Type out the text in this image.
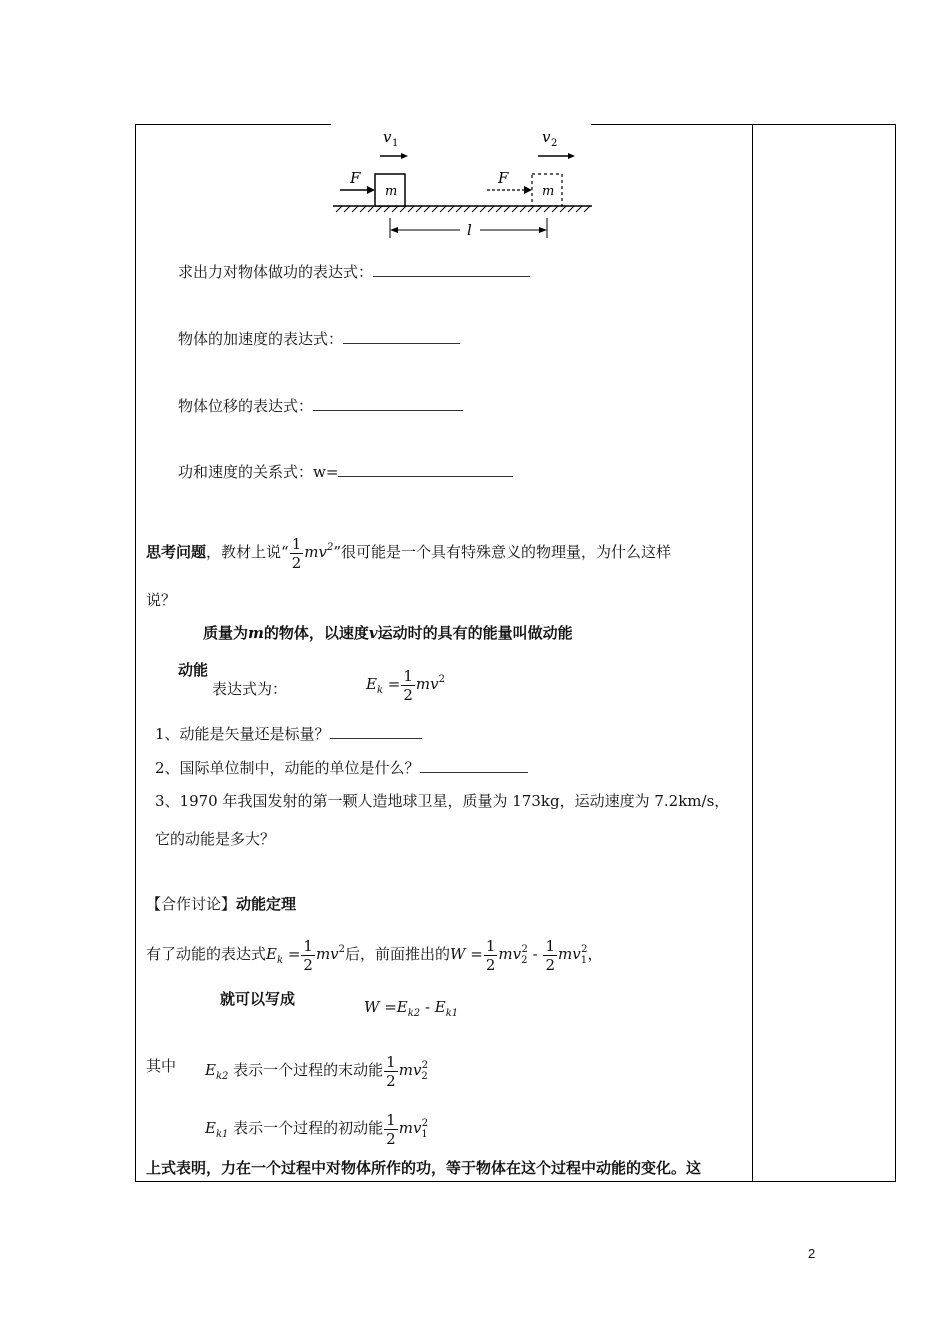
m
F
v 1
m
F
v 2
l
求出力对物体做功的表达式：
物体的加速度的表达式：
物体位移的表达式：
功和速度的关系式：w=
思考问题，教材上说“ $\frac{1}{2} mv^2$”很可能是一个具有特殊意义的物理量，为什么这样
说？
质量为m的物体，以速度v运动时的具有的能量叫做动能
动能
表达式为：	$E_k = \frac{1}{2} mv^2$
1、动能是矢量还是标量？
2、国际单位制中，动能的单位是什么？
3、1970 年我国发射的第一颗人造地球卫星，质量为 173kg，运动速度为 7.2km/s，
它的动能是多大？
【合作讨论】动能定理
有了动能的表达式$E_k = \frac{1}{2} mv^2$后，前面推出的$W = \frac{1}{2} mv_2^2 - \frac{1}{2} mv_1^2$，
就可以写成	$W =E_{k2} - E_{k1}$
其中 $E_{k2}$ 表示一个过程的末动能 $\frac{1}{2} mv_2^2$
$E_{k1}$ 表示一个过程的初动能 $\frac{1}{2} mv_1^2$
上式表明，力在一个过程中对物体所作的功，等于物体在这个过程中动能的变化。这
2
